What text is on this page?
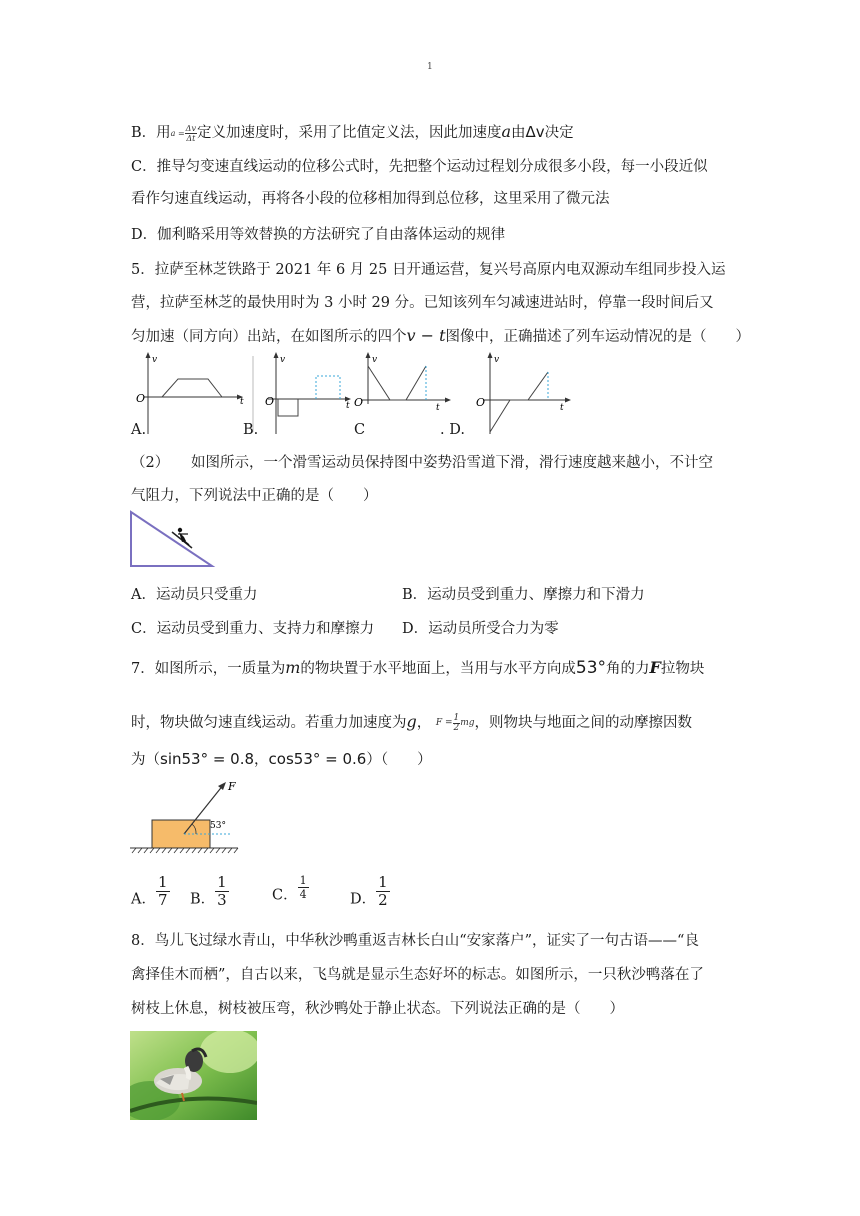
1
B．用$a = \frac{\Delta v}{\Delta t}$ 定义加速度时，采用了比值定义法，因此加速度a由Δv决定
C．推导匀变速直线运动的位移公式时，先把整个运动过程划分成很多小段，每一小段近似
看作匀速直线运动，再将各小段的位移相加得到总位移，这里采用了微元法
D．伽利略采用等效替换的方法研究了自由落体运动的规律
5．拉萨至林芝铁路于 2021 年 6 月 25 日开通运营，复兴号高原内电双源动车组同步投入运
营，拉萨至林芝的最快用时为 3 小时 29 分。已知该列车匀减速进站时，停靠一段时间后又
匀加速（同方向）出站，在如图所示的四个v − t图像中，正确描述了列车运动情况的是（　　）
v
t
O
v
t
O
v
t
O
v
t
O
A.	B.	C	. D.
（2）　　如图所示，一个滑雪运动员保持图中姿势沿雪道下滑，滑行速度越来越小，不计空
气阻力，下列说法中正确的是（　　）
A．运动员只受重力	B．运动员受到重力、摩擦力和下滑力
C．运动员受到重力、支持力和摩擦力 D．运动员所受合力为零
7．如图所示，一质量为m的物块置于水平地面上，当用与水平方向成53°角的力F拉物块
时，物块做匀速直线运动。若重力加速度为g， $F = \frac{1}{2}$ mg，则物块与地面之间的动摩擦因数
为（sin53° = 0.8，cos53° = 0.6）（　　）
F
53°
A． $\frac{1}{7}$ B． $\frac{1}{3}$	C． $\frac{1}{4}$	D． $\frac{1}{2}$
8．鸟儿飞过绿水青山，中华秋沙鸭重返吉林长白山“安家落户”，证实了一句古语——“良
禽择佳木而栖”，自古以来，飞鸟就是显示生态好坏的标志。如图所示，一只秋沙鸭落在了
树枝上休息，树枝被压弯，秋沙鸭处于静止状态。下列说法正确的是（　　）
